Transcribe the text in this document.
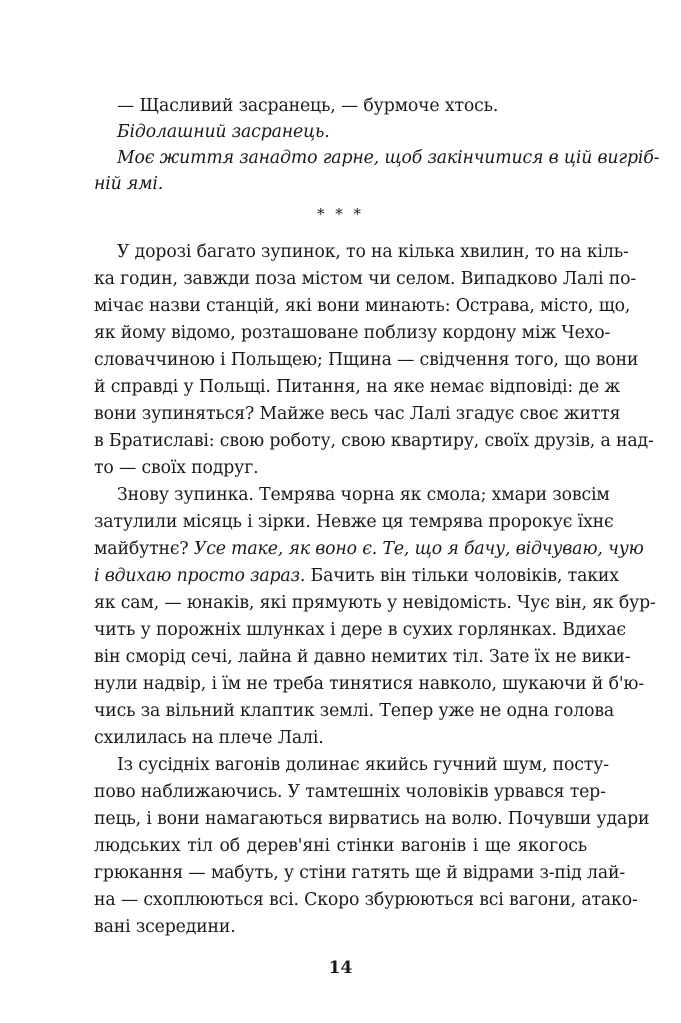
— Щасливий засранець, — бурмоче хтось.
Бідолашний засранець.
Моє життя занадто гарне, щоб закінчитися в цій вигріб-
ній ямі.
* * *
У дорозі багато зупинок, то на кілька хвилин, то на кіль-
ка годин, завжди поза містом чи селом. Випадково Лалі по-
мічає назви станцій, які вони минають: Острава, місто, що,
як йому відомо, розташоване поблизу кордону між Чехо-
словаччиною і Польщею; Пщина — свідчення того, що вони
й справді у Польщі. Питання, на яке немає відповіді: де ж
вони зупиняться? Майже весь час Лалі згадує своє життя
в Братиславі: свою роботу, свою квартиру, своїх друзів, а над-
то — своїх подруг.
Знову зупинка. Темрява чорна як смола; хмари зовсім
затулили місяць і зірки. Невже ця темрява пророкує їхнє
майбутнє? Усе таке, як воно є. Те, що я бачу, відчуваю, чую
і вдихаю просто зараз. Бачить він тільки чоловіків, таких
як сам, — юнаків, які прямують у невідомість. Чує він, як бур-
чить у порожніх шлунках і дере в сухих горлянках. Вдихає
він сморід сечі, лайна й давно немитих тіл. Зате їх не вики-
нули надвір, і їм не треба тинятися навколо, шукаючи й б'ю-
чись за вільний клаптик землі. Тепер уже не одна голова
схилилась на плече Лалі.
Із сусідніх вагонів долинає якийсь гучний шум, посту-
пово наближаючись. У тамтешніх чоловіків урвався тер-
пець, і вони намагаються вирватись на волю. Почувши удари
людських тіл об дерев'яні стінки вагонів і ще якогось
грюкання — мабуть, у стіни гатять ще й відрами з-під лай-
на — схоплюються всі. Скоро збурюються всі вагони, атако-
вані зсередини.
14
